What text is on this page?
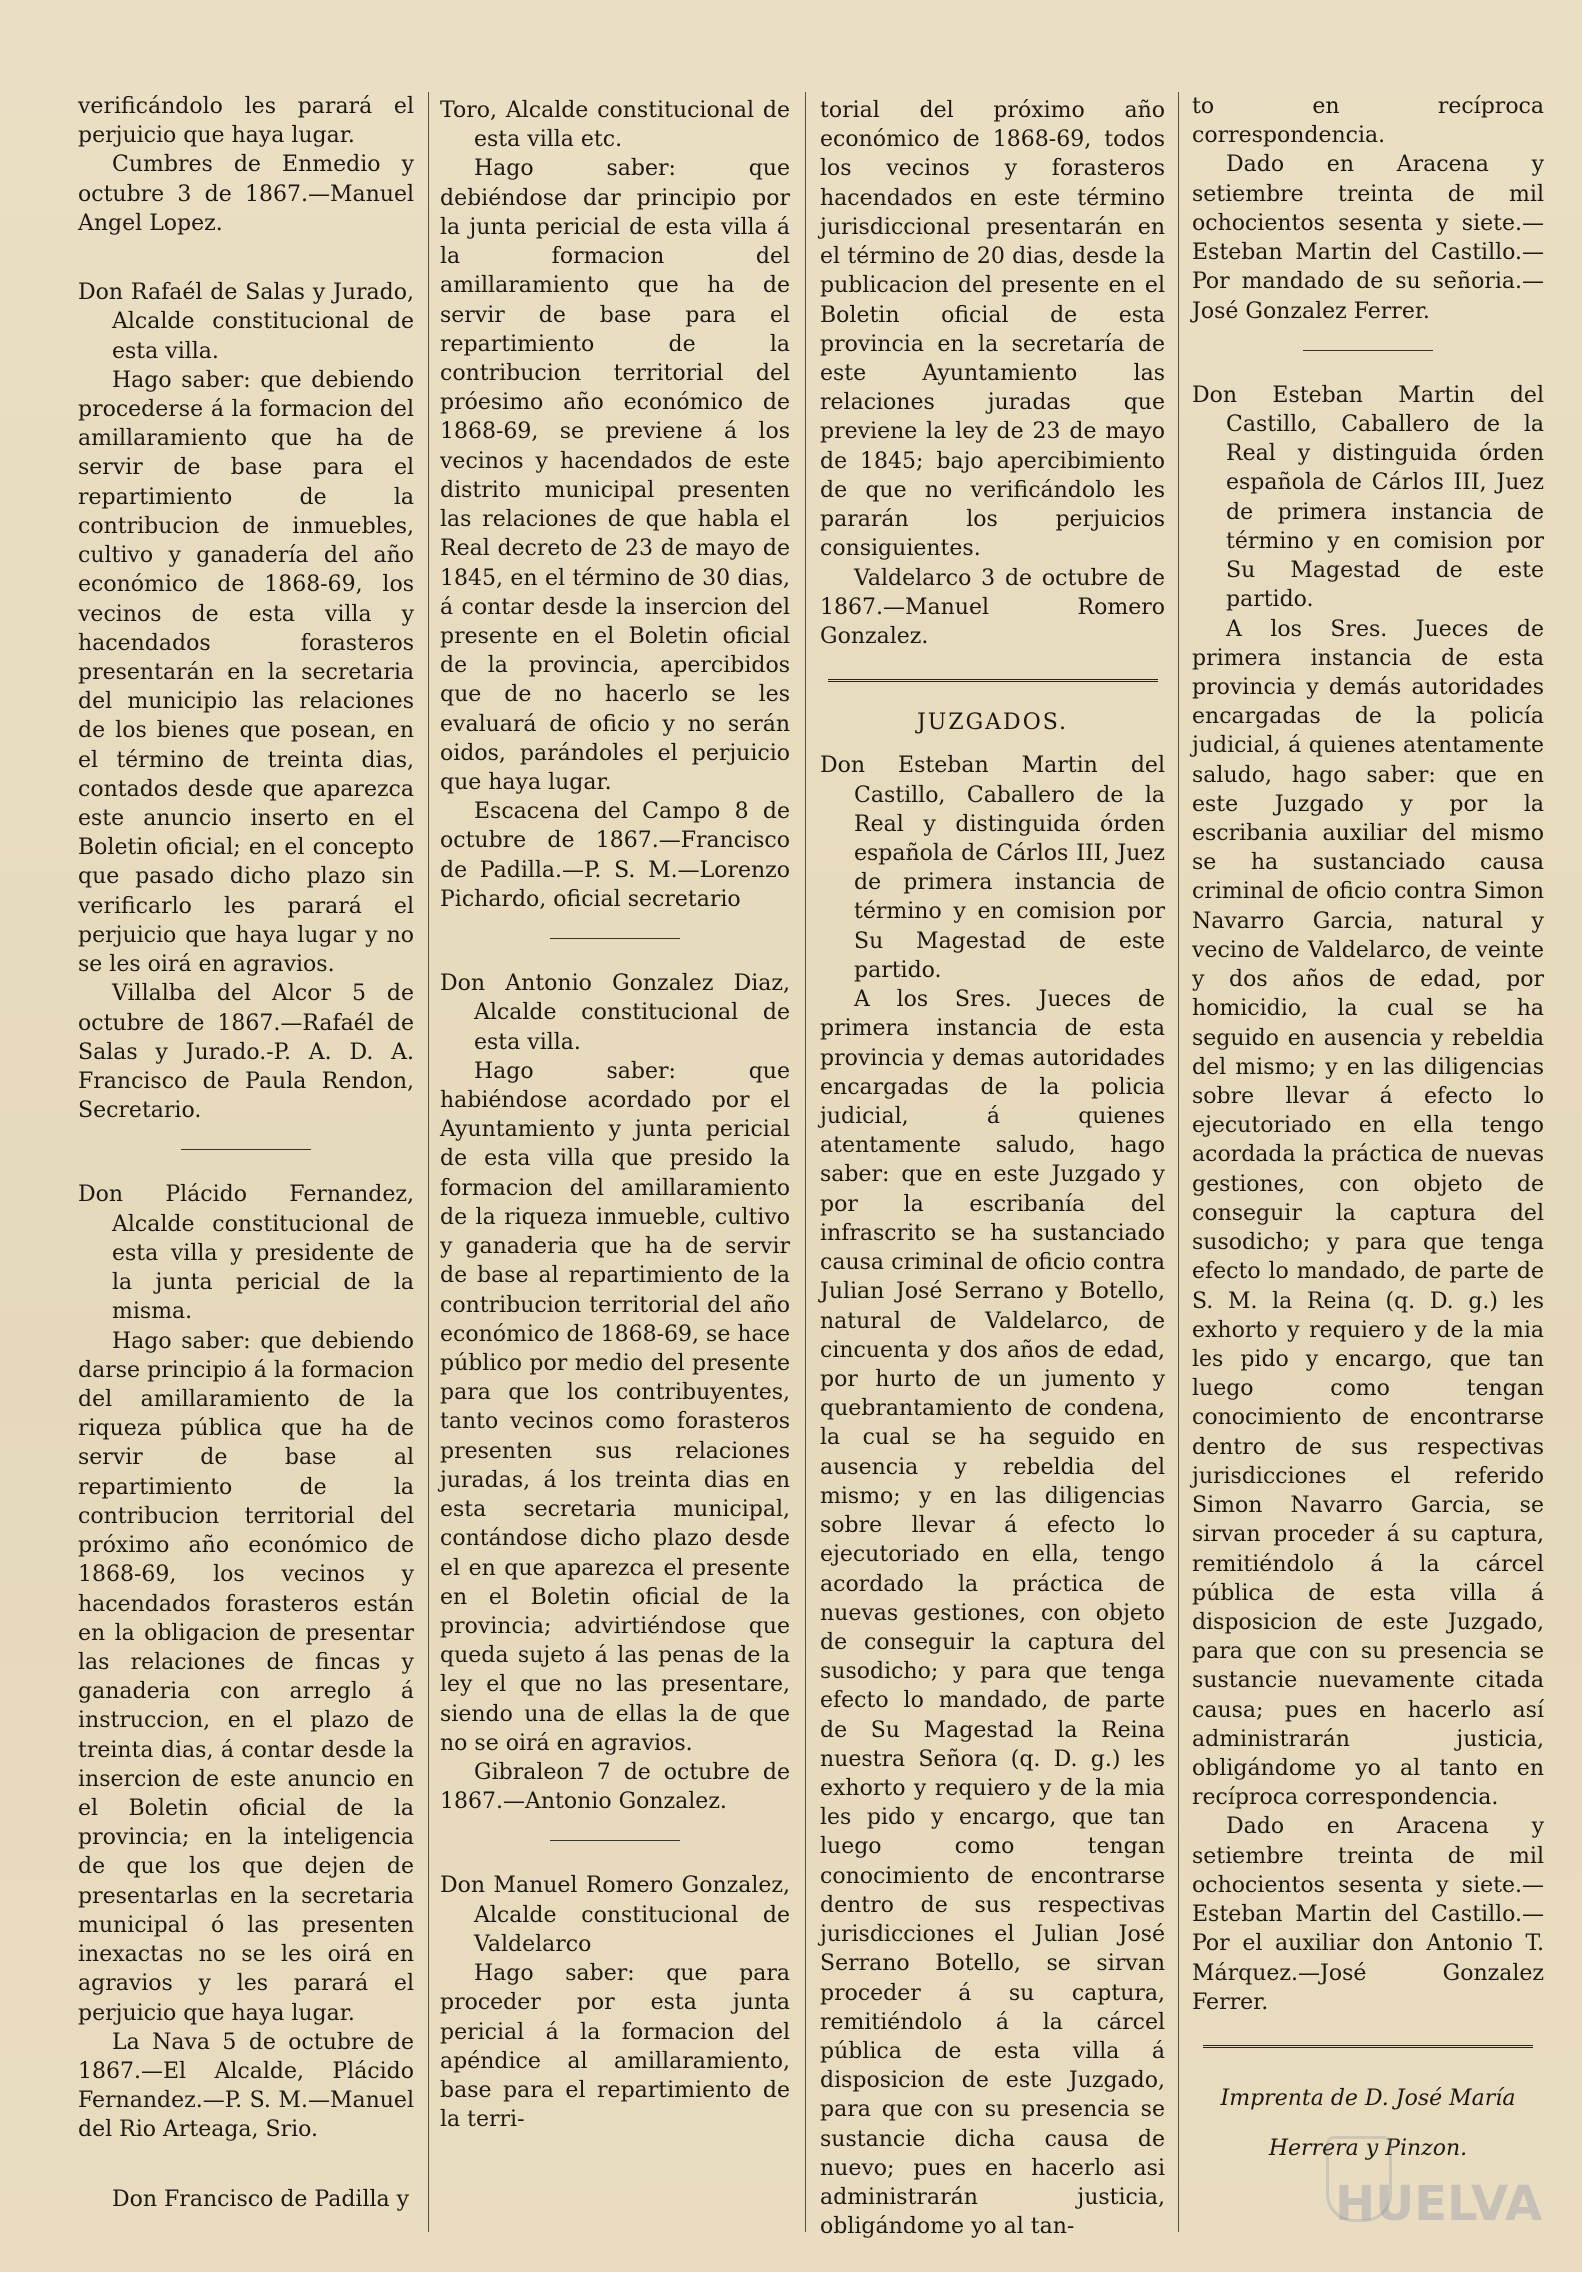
verificándolo les parará el perjuicio que haya lugar.

Cumbres de Enmedio y octubre 3 de 1867.—Manuel Angel Lopez.

Don Rafaél de Salas y Jurado, Alcalde constitucional de esta villa.

Hago saber: que debiendo procederse á la formacion del amillaramiento que ha de servir de base para el repartimiento de la contribucion de inmuebles, cultivo y ganadería del año económico de 1868-69, los vecinos de esta villa y hacendados forasteros presentarán en la secretaria del municipio las relaciones de los bienes que posean, en el término de treinta dias, contados desde que aparezca este anuncio inserto en el Boletin oficial; en el concepto que pasado dicho plazo sin verificarlo les parará el perjuicio que haya lugar y no se les oirá en agravios.

Villalba del Alcor 5 de octubre de 1867.—Rafaél de Salas y Jurado.-P. A. D. A. Francisco de Paula Rendon, Secretario.

Don Plácido Fernandez, Alcalde constitucional de esta villa y presidente de la junta pericial de la misma.

Hago saber: que debiendo darse principio á la formacion del amillaramiento de la riqueza pública que ha de servir de base al repartimiento de la contribucion territorial del próximo año económico de 1868-69, los vecinos y hacendados forasteros están en la obligacion de presentar las relaciones de fincas y ganaderia con arreglo á instruccion, en el plazo de treinta dias, á contar desde la insercion de este anuncio en el Boletin oficial de la provincia; en la inteligencia de que los que dejen de presentarlas en la secretaria municipal ó las presenten inexactas no se les oirá en agravios y les parará el perjuicio que haya lugar.

La Nava 5 de octubre de 1867.—El Alcalde, Plácido Fernandez.—P. S. M.—Manuel del Rio Arteaga, Srio.

Don Francisco de Padilla y

Toro, Alcalde constitucional de esta villa etc.

Hago saber: que debiéndose dar principio por la junta pericial de esta villa á la formacion del amillaramiento que ha de servir de base para el repartimiento de la contribucion territorial del próesimo año económico de 1868-69, se previene á los vecinos y hacendados de este distrito municipal presenten las relaciones de que habla el Real decreto de 23 de mayo de 1845, en el término de 30 dias, á contar desde la insercion del presente en el Boletin oficial de la provincia, apercibidos que de no hacerlo se les evaluará de oficio y no serán oidos, parándoles el perjuicio que haya lugar.

Escacena del Campo 8 de octubre de 1867.—Francisco de Padilla.—P. S. M.—Lorenzo Pichardo, oficial secretario

Don Antonio Gonzalez Diaz, Alcalde constitucional de esta villa.

Hago saber: que habiéndose acordado por el Ayuntamiento y junta pericial de esta villa que presido la formacion del amillaramiento de la riqueza inmueble, cultivo y ganaderia que ha de servir de base al repartimiento de la contribucion territorial del año económico de 1868-69, se hace público por medio del presente para que los contribuyentes, tanto vecinos como forasteros presenten sus relaciones juradas, á los treinta dias en esta secretaria municipal, contándose dicho plazo desde el en que aparezca el presente en el Boletin oficial de la provincia; advirtiéndose que queda sujeto á las penas de la ley el que no las presentare, siendo una de ellas la de que no se oirá en agravios.

Gibraleon 7 de octubre de 1867.—Antonio Gonzalez.

Don Manuel Romero Gonzalez, Alcalde constitucional de Valdelarco

Hago saber: que para proceder por esta junta pericial á la formacion del apéndice al amillaramiento, base para el repartimiento de la terri-

torial del próximo año económico de 1868-69, todos los vecinos y forasteros hacendados en este término jurisdiccional presentarán en el término de 20 dias, desde la publicacion del presente en el Boletin oficial de esta provincia en la secretaría de este Ayuntamiento las relaciones juradas que previene la ley de 23 de mayo de 1845; bajo apercibimiento de que no verificándolo les pararán los perjuicios consiguientes.

Valdelarco 3 de octubre de 1867.—Manuel Romero Gonzalez.

JUZGADOS.

Don Esteban Martin del Castillo, Caballero de la Real y distinguida órden española de Cárlos III, Juez de primera instancia de término y en comision por Su Magestad de este partido.

A los Sres. Jueces de primera instancia de esta provincia y demas autoridades encargadas de la policia judicial, á quienes atentamente saludo, hago saber: que en este Juzgado y por la escribanía del infrascrito se ha sustanciado causa criminal de oficio contra Julian José Serrano y Botello, natural de Valdelarco, de cincuenta y dos años de edad, por hurto de un jumento y quebrantamiento de condena, la cual se ha seguido en ausencia y rebeldia del mismo; y en las diligencias sobre llevar á efecto lo ejecutoriado en ella, tengo acordado la práctica de nuevas gestiones, con objeto de conseguir la captura del susodicho; y para que tenga efecto lo mandado, de parte de Su Magestad la Reina nuestra Señora (q. D. g.) les exhorto y requiero y de la mia les pido y encargo, que tan luego como tengan conocimiento de encontrarse dentro de sus respectivas jurisdicciones el Julian José Serrano Botello, se sirvan proceder á su captura, remitiéndolo á la cárcel pública de esta villa á disposicion de este Juzgado, para que con su presencia se sustancie dicha causa de nuevo; pues en hacerlo asi administrarán justicia, obligándome yo al tan-

to en recíproca correspondencia.

Dado en Aracena y setiembre treinta de mil ochocientos sesenta y siete.—Esteban Martin del Castillo.—Por mandado de su señoria.—José Gonzalez Ferrer.

Don Esteban Martin del Castillo, Caballero de la Real y distinguida órden española de Cárlos III, Juez de primera instancia de término y en comision por Su Magestad de este partido.

A los Sres. Jueces de primera instancia de esta provincia y demás autoridades encargadas de la policía judicial, á quienes atentamente saludo, hago saber: que en este Juzgado y por la escribania auxiliar del mismo se ha sustanciado causa criminal de oficio contra Simon Navarro Garcia, natural y vecino de Valdelarco, de veinte y dos años de edad, por homicidio, la cual se ha seguido en ausencia y rebeldia del mismo; y en las diligencias sobre llevar á efecto lo ejecutoriado en ella tengo acordada la práctica de nuevas gestiones, con objeto de conseguir la captura del susodicho; y para que tenga efecto lo mandado, de parte de S. M. la Reina (q. D. g.) les exhorto y requiero y de la mia les pido y encargo, que tan luego como tengan conocimiento de encontrarse dentro de sus respectivas jurisdicciones el referido Simon Navarro Garcia, se sirvan proceder á su captura, remitiéndolo á la cárcel pública de esta villa á disposicion de este Juzgado, para que con su presencia se sustancie nuevamente citada causa; pues en hacerlo así administrarán justicia, obligándome yo al tanto en recíproca correspondencia.

Dado en Aracena y setiembre treinta de mil ochocientos sesenta y siete.—Esteban Martin del Castillo.—Por el auxiliar don Antonio T. Márquez.—José Gonzalez Ferrer.

Imprenta de D. José María Herrera y Pinzon.

HUELVA
